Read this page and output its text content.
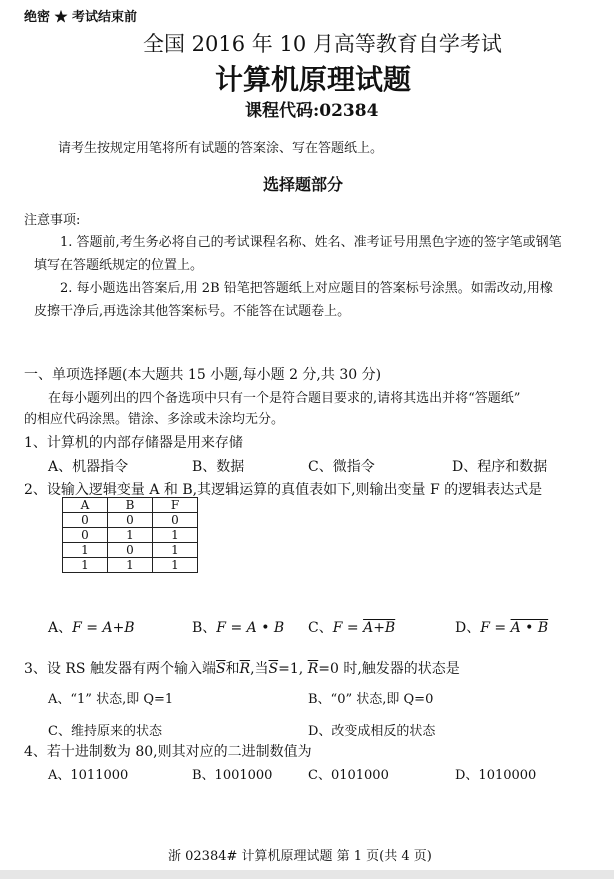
绝密 ★ 考试结束前
全国 2016 年 10 月高等教育自学考试
计算机原理试题
课程代码:02384
请考生按规定用笔将所有试题的答案涂、写在答题纸上。
选择题部分
注意事项:
1. 答题前,考生务必将自己的考试课程名称、姓名、准考证号用黑色字迹的签字笔或钢笔
填写在答题纸规定的位置上。
2. 每小题选出答案后,用 2B 铅笔把答题纸上对应题目的答案标号涂黑。如需改动,用橡
皮擦干净后,再选涂其他答案标号。不能答在试题卷上。
一、单项选择题(本大题共 15 小题,每小题 2 分,共 30 分)
在每小题列出的四个备选项中只有一个是符合题目要求的,请将其选出并将“答题纸”
的相应代码涂黑。错涂、多涂或未涂均无分。
1、计算机的内部存储器是用来存储
A、机器指令	B、数据	C、微指令	D、程序和数据
2、设输入逻辑变量 A 和 B,其逻辑运算的真值表如下,则输出变量 F 的逻辑表达式是
A	B	F
0	0	0
0	1	1
1	0	1
1	1	1
A、F = A+B	B、F = A • B C、F = A+B	D、F = A • B
3、设 RS 触发器有两个输入端$\overline{S}$和$\overline{R}$,当$\overline{S}=1$, $\overline{R}=0$ 时,触发器的状态是
A、“1” 状态,即 Q=1	B、“0” 状态,即 Q=0
C、维持原来的状态	D、改变成相反的状态
4、若十进制数为 80,则其对应的二进制数值为
A、1011000	B、1001000	C、0101000	D、1010000
浙 02384# 计算机原理试题 第 1 页(共 4 页)
